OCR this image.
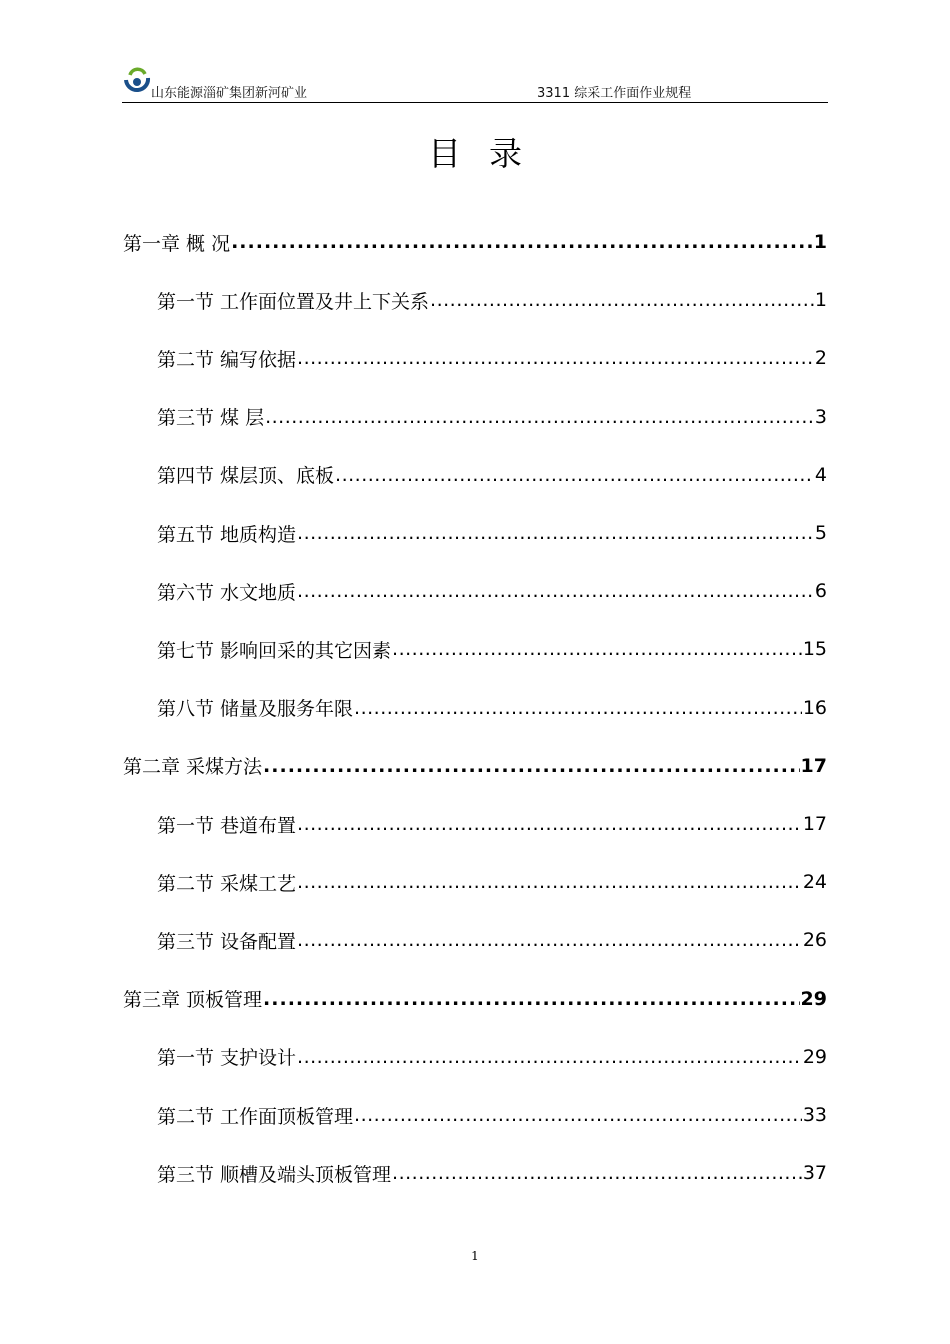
山东能源淄矿集团新河矿业	3311 综采工作面作业规程
目录
第一章 概 况 .....	1
第一节 工作面位置及井上下关系 .....	1
第二节 编写依据 .....	2
第三节 煤 层 .....	3
第四节 煤层顶、底板 .....	4
第五节 地质构造 .....	5
第六节 水文地质 .....	6
第七节 影响回采的其它因素 .....	15
第八节 储量及服务年限 .....	16
第二章 采煤方法 .....	17
第一节 巷道布置 .....	17
第二节 采煤工艺 .....	24
第三节 设备配置 .....	26
第三章 顶板管理 .....	29
第一节 支护设计 .....	29
第二节 工作面顶板管理 .....	33
第三节 顺槽及端头顶板管理 .....	37
1
